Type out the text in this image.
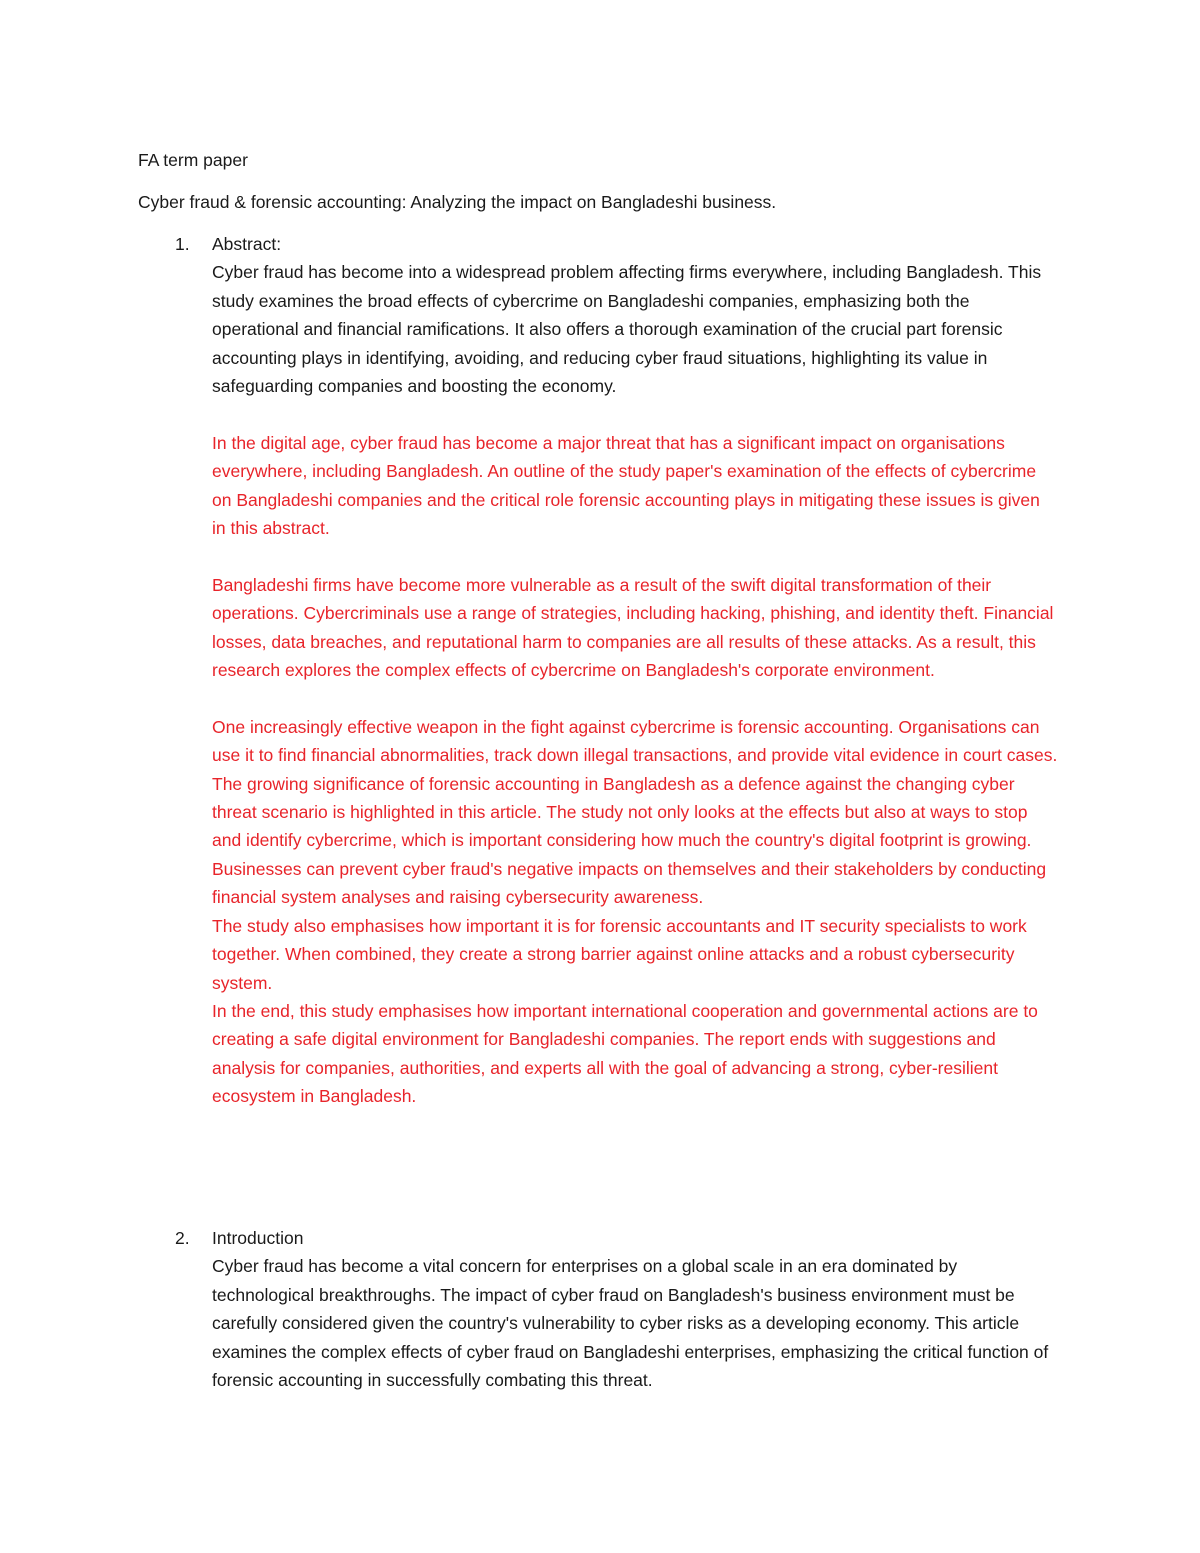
FA term paper
Cyber fraud & forensic accounting: Analyzing the impact on Bangladeshi business.
1. Abstract:

Cyber fraud has become into a widespread problem affecting firms everywhere, including Bangladesh. This study examines the broad effects of cybercrime on Bangladeshi companies, emphasizing both the operational and financial ramifications. It also offers a thorough examination of the crucial part forensic accounting plays in identifying, avoiding, and reducing cyber fraud situations, highlighting its value in safeguarding companies and boosting the economy.

In the digital age, cyber fraud has become a major threat that has a significant impact on organisations everywhere, including Bangladesh. An outline of the study paper's examination of the effects of cybercrime on Bangladeshi companies and the critical role forensic accounting plays in mitigating these issues is given in this abstract.

Bangladeshi firms have become more vulnerable as a result of the swift digital transformation of their operations. Cybercriminals use a range of strategies, including hacking, phishing, and identity theft. Financial losses, data breaches, and reputational harm to companies are all results of these attacks. As a result, this research explores the complex effects of cybercrime on Bangladesh's corporate environment.

One increasingly effective weapon in the fight against cybercrime is forensic accounting. Organisations can use it to find financial abnormalities, track down illegal transactions, and provide vital evidence in court cases. The growing significance of forensic accounting in Bangladesh as a defence against the changing cyber threat scenario is highlighted in this article. The study not only looks at the effects but also at ways to stop and identify cybercrime, which is important considering how much the country's digital footprint is growing. Businesses can prevent cyber fraud's negative impacts on themselves and their stakeholders by conducting financial system analyses and raising cybersecurity awareness.

The study also emphasises how important it is for forensic accountants and IT security specialists to work together. When combined, they create a strong barrier against online attacks and a robust cybersecurity system.

In the end, this study emphasises how important international cooperation and governmental actions are to creating a safe digital environment for Bangladeshi companies. The report ends with suggestions and analysis for companies, authorities, and experts all with the goal of advancing a strong, cyber-resilient ecosystem in Bangladesh.

2. Introduction

Cyber fraud has become a vital concern for enterprises on a global scale in an era dominated by technological breakthroughs. The impact of cyber fraud on Bangladesh's business environment must be carefully considered given the country's vulnerability to cyber risks as a developing economy. This article examines the complex effects of cyber fraud on Bangladeshi enterprises, emphasizing the critical function of forensic accounting in successfully combating this threat.
